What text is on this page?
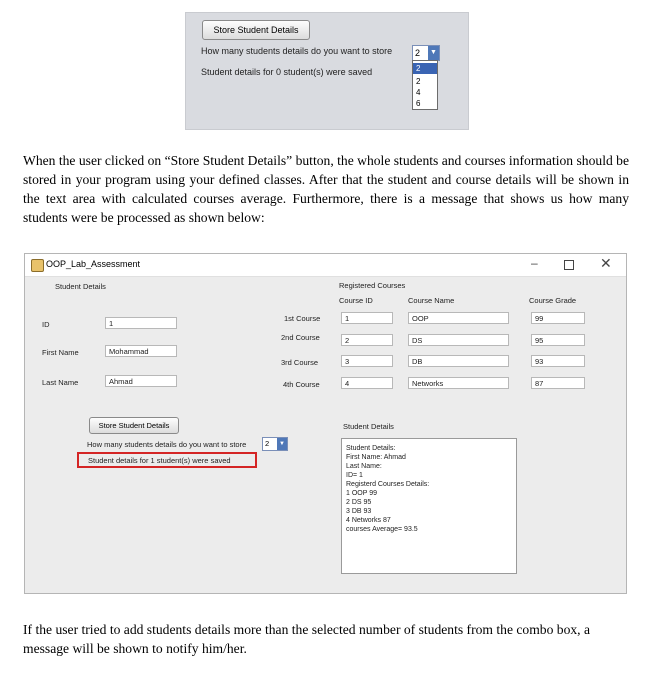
Store Student Details
How many students details do you want to store
Student details for 0 student(s) were saved
2 ▼
2
2
4
6

When the user clicked on “Store Student Details” button, the whole students and courses information should be stored in your program using your defined classes. After that the student and course details will be shown in the text area with calculated courses average. Furthermore, there is a message that shows us how many students were be processed as shown below:

OOP_Lab_Assessment	–	✕
Student Details
ID	1
First Name	Mohammad
Last Name	Ahmad
Registered Courses
Course ID	Course Name	Course Grade
1st Course	1	OOP	99
2nd Course	2	DS	95
3rd Course	3	DB	93
4th Course	4	Networks	87
Store Student Details
How many students details do you want to store 2	▼
Student details for 1 student(s) were saved
Student Details
Student Details:
First Name: Ahmad
Last Name:
ID= 1
Registerd Courses Details:
1 OOP 99
2 DS 95
3 DB 93
4 Networks 87
courses Average= 93.5

If the user tried to add students details more than the selected number of students from the combo box, a message will be shown to notify him/her.
